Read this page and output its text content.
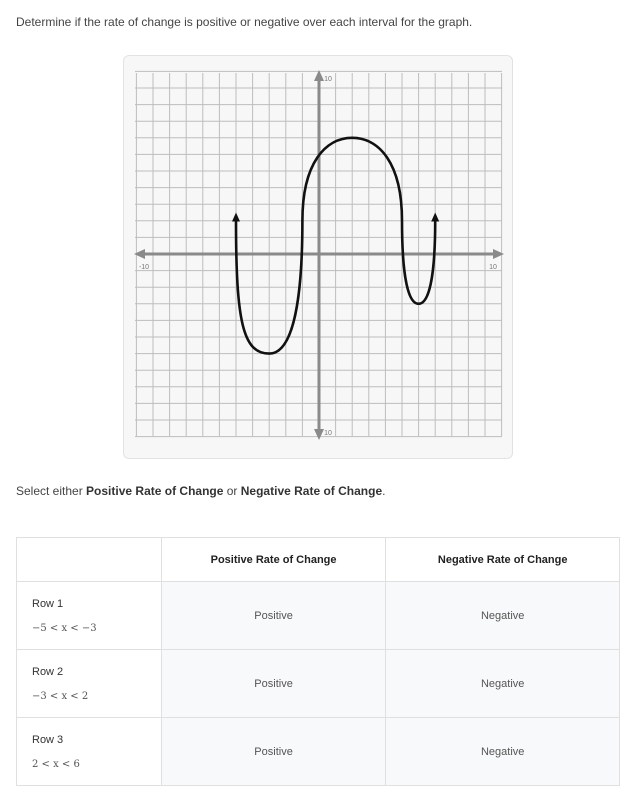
Determine if the rate of change is positive or negative over each interval for the graph.
-10	10
10
10
Select either Positive Rate of Change or Negative Rate of Change.
	Positive Rate of Change	Negative Rate of Change

Row 1
−5 < x < −3	Positive	Negative

Row 2
−3 < x < 2	Positive	Negative

Row 3
2 < x < 6	Positive	Negative
